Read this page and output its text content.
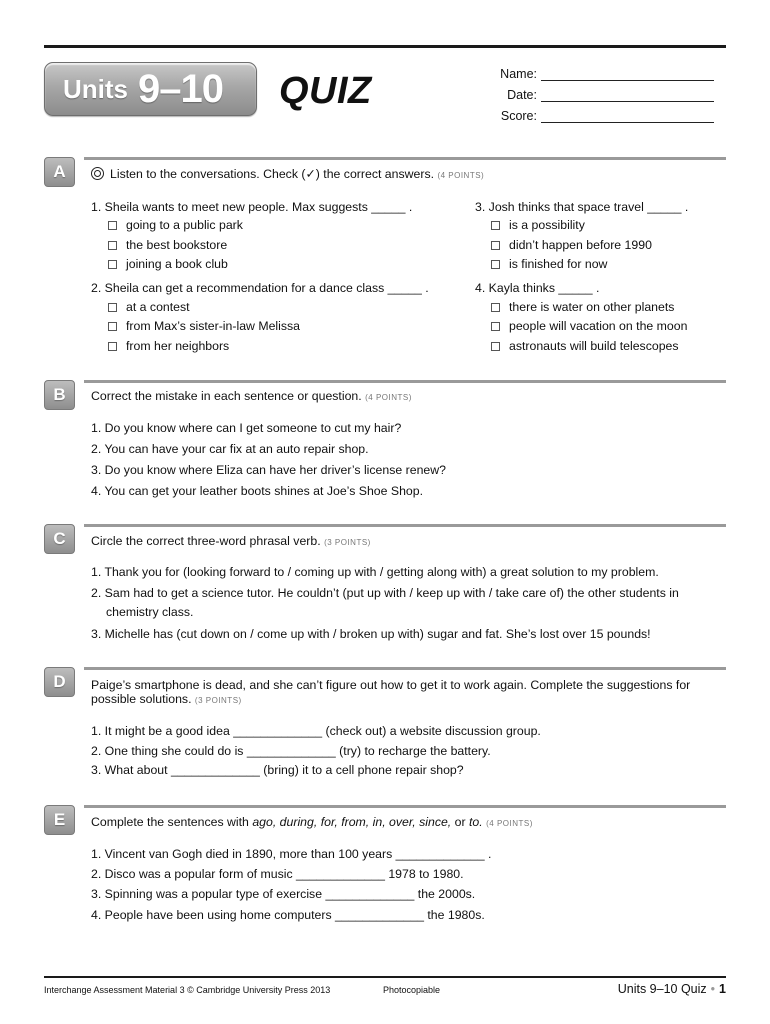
Units 9–10 QUIZ	Name:
Date:
Score:
A	Listen to the conversations. Check (✓) the correct answers. (4 POINTS)
1. Sheila wants to meet new people. Max suggests _____ .
going to a public park
the best bookstore
joining a book club
2. Sheila can get a recommendation for a dance class _____ .
at a contest
from Max’s sister-in-law Melissa
from her neighbors
3. Josh thinks that space travel _____ .
is a possibility
didn’t happen before 1990
is finished for now
4. Kayla thinks _____ .
there is water on other planets
people will vacation on the moon
astronauts will build telescopes
B	Correct the mistake in each sentence or question. (4 POINTS)
1. Do you know where can I get someone to cut my hair?
2. You can have your car fix at an auto repair shop.
3. Do you know where Eliza can have her driver’s license renew?
4. You can get your leather boots shines at Joe’s Shoe Shop.
C	Circle the correct three-word phrasal verb. (3 POINTS)
1. Thank you for (looking forward to / coming up with / getting along with) a great solution to my problem.
2. Sam had to get a science tutor. He couldn’t (put up with / keep up with / take care of) the other students in
chemistry class.
3. Michelle has (cut down on / come up with / broken up with) sugar and fat. She’s lost over 15 pounds!
D	Paige’s smartphone is dead, and she can’t figure out how to get it to work again. Complete the suggestions for
possible solutions. (3 POINTS)
1. It might be a good idea _____________ (check out) a website discussion group.
2. One thing she could do is _____________ (try) to recharge the battery.
3. What about _____________ (bring) it to a cell phone repair shop?
E	Complete the sentences with ago, during, for, from, in, over, since, or to. (4 POINTS)
1. Vincent van Gogh died in 1890, more than 100 years _____________ .
2. Disco was a popular form of music _____________ 1978 to 1980.
3. Spinning was a popular type of exercise _____________ the 2000s.
4. People have been using home computers _____________ the 1980s.
Interchange Assessment Material 3 © Cambridge University Press 2013	Photocopiable	Units 9–10 Quiz • 1
